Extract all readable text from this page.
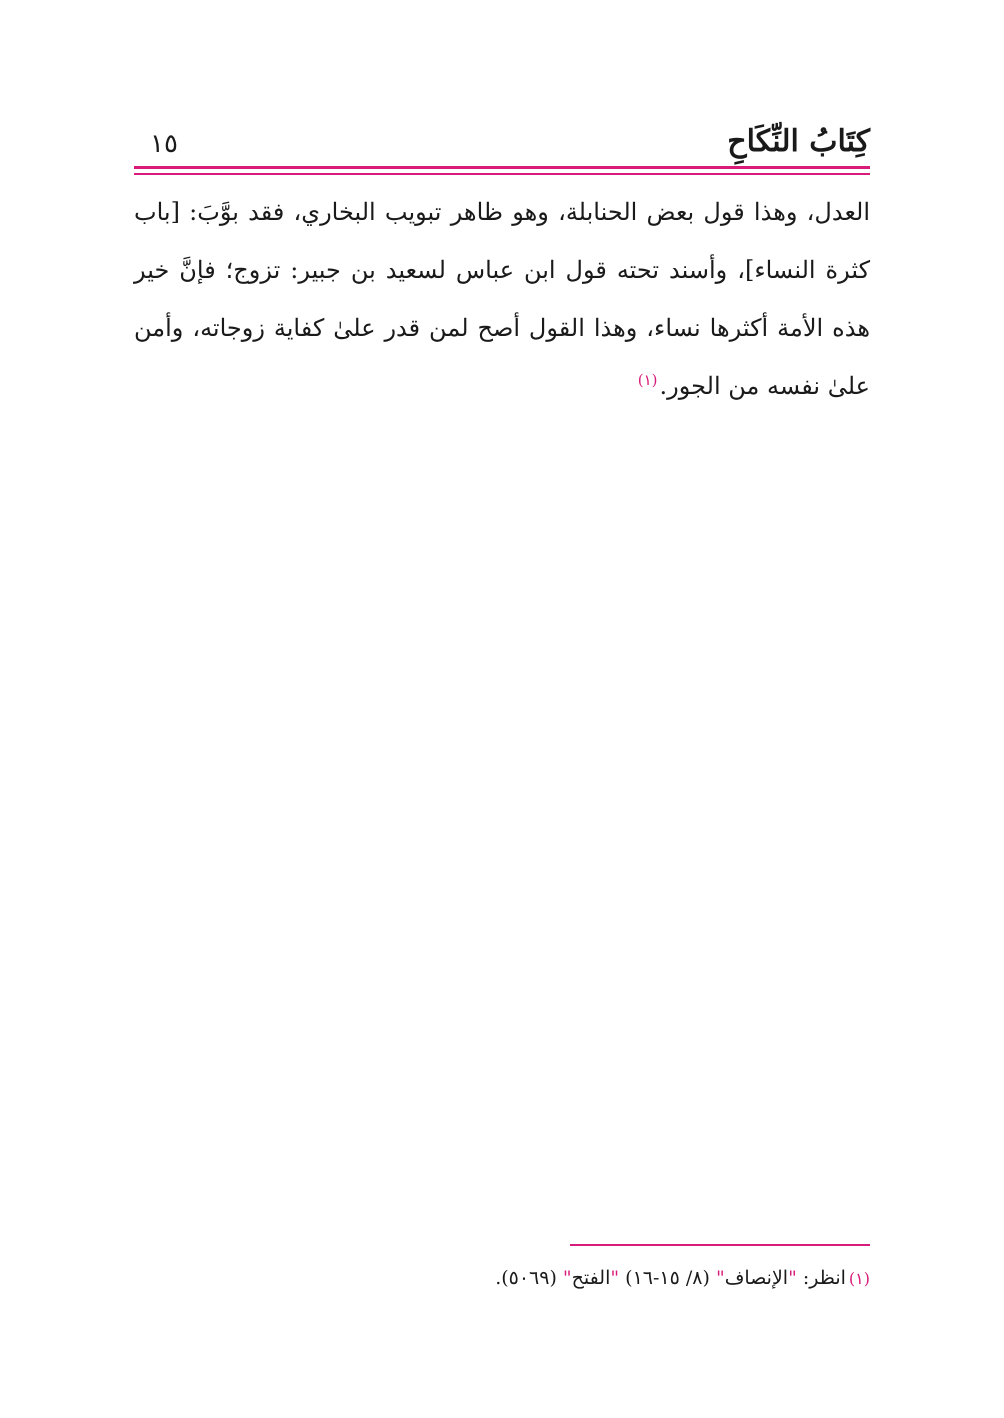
كِتَابُ النِّكَاحِ
١٥
العدل، وهذا قول بعض الحنابلة، وهو ظاهر تبويب البخاري، فقد بوَّبَ: [باب كثرة النساء]، وأسند تحته قول ابن عباس لسعيد بن جبير: تزوج؛ فإنَّ خير هذه الأمة أكثرها نساء، وهذا القول أصح لمن قدر علىٰ كفاية زوجاته، وأمن علىٰ نفسه من الجور.$^{(١)}$
(١)انظر: "الإنصاف" (٨/ ١٥-١٦) "الفتح" (٥٠٦٩).
